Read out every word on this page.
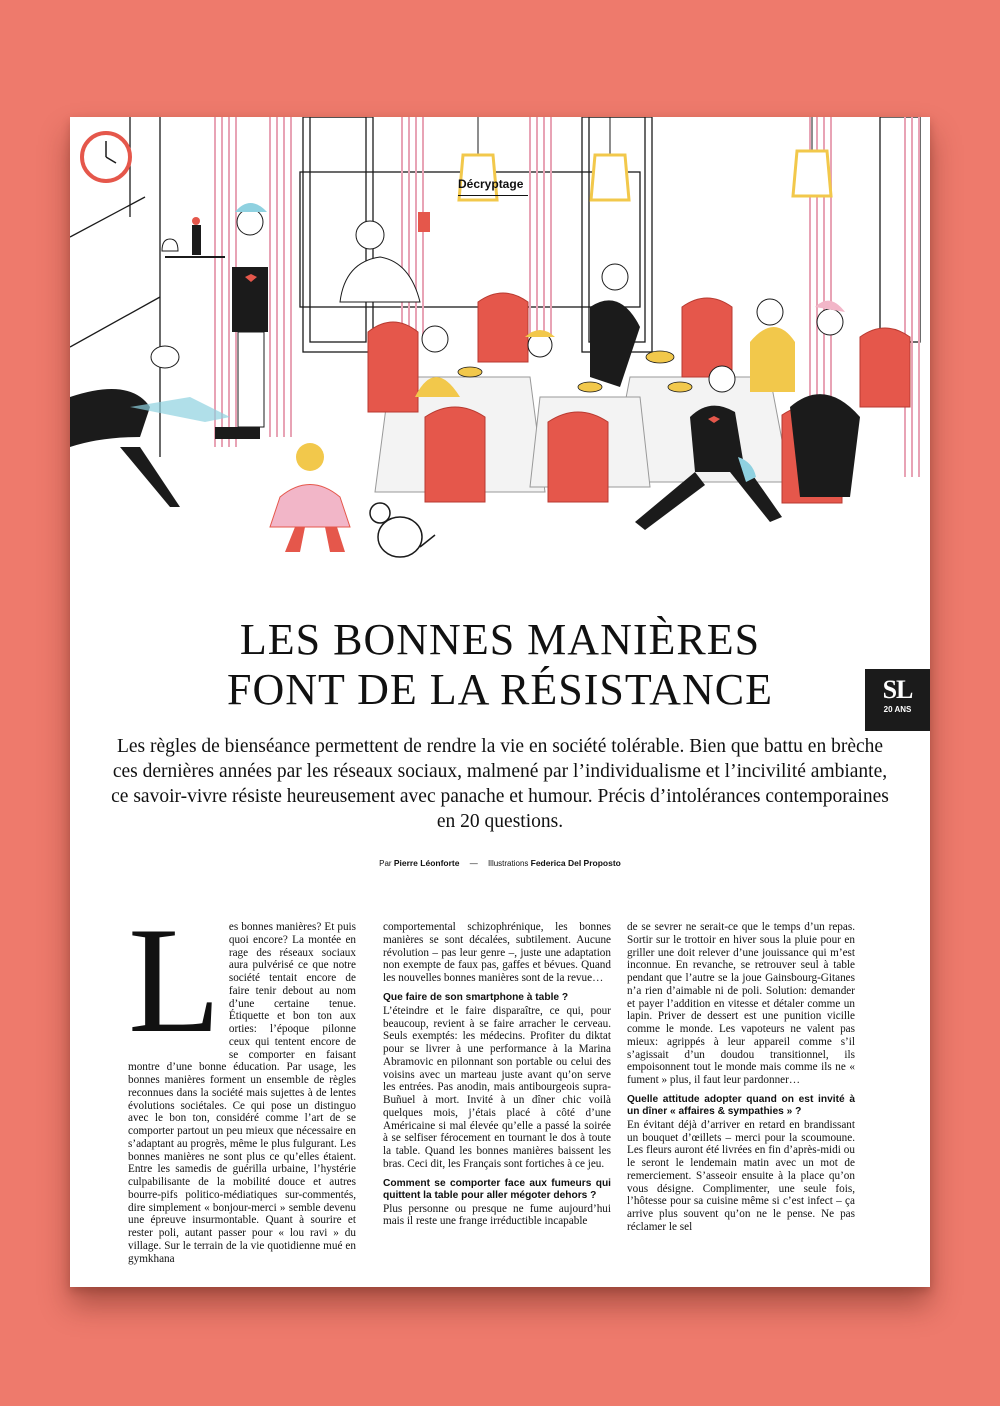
Décryptage
LES BONNES MANIÈRES
FONT DE LA RÉSISTANCE	SL
20 ANS

Les règles de bienséance permettent de rendre la vie en société tolérable. Bien que battu en brèche ces dernières années par les réseaux sociaux, malmené par l’individualisme et l’incivilité ambiante, ce savoir-vivre résiste heureusement avec panache et humour. Précis d’intolérances contemporaines en 20 questions.

Par Pierre Léonforte — Illustrations Federica Del Proposto
L es bonnes manières? Et puis quoi encore? La montée en rage des réseaux sociaux aura pulvérisé ce que notre société tentait encore de faire tenir debout au nom d’une certaine tenue. Étiquette et bon ton aux orties: l’époque pilonne ceux qui tentent encore de se comporter en faisant montre d’une bonne éducation. Par usage, les bonnes manières forment un ensemble de règles reconnues dans la société mais sujettes à de lentes évolutions sociétales. Ce qui pose un distinguo avec le bon ton, considéré comme l’art de se comporter partout un peu mieux que nécessaire en s’adaptant au progrès, même le plus fulgurant. Les bonnes manières ne sont plus ce qu’elles étaient. Entre les samedis de guérilla urbaine, l’hystérie culpabilisante de la mobilité douce et autres bourre-pifs politico-médiatiques sur-commentés, dire simplement « bonjour-merci » semble devenu une épreuve insurmontable. Quant à sourire et rester poli, autant passer pour « lou ravi » du village. Sur le terrain de la vie quotidienne mué en gymkhana

comportemental schizophrénique, les bonnes manières se sont décalées, subtilement. Aucune révolution – pas leur genre –, juste une adaptation non exempte de faux pas, gaffes et bévues. Quand les nouvelles bonnes manières sont de la revue…

Que faire de son smartphone à table ?

L’éteindre et le faire disparaître, ce qui, pour beaucoup, revient à se faire arracher le cerveau. Seuls exemptés: les médecins. Profiter du diktat pour se livrer à une performance à la Marina Abramovic en pilonnant son portable ou celui des voisins avec un marteau juste avant qu’on serve les entrées. Pas anodin, mais antibourgeois supra-Buñuel à mort. Invité à un dîner chic voilà quelques mois, j’étais placé à côté d’une Américaine si mal élevée qu’elle a passé la soirée à se selfiser férocement en tournant le dos à toute la table. Quand les bonnes manières baissent les bras. Ceci dit, les Français sont fortiches à ce jeu.

Comment se comporter face aux fumeurs qui quittent la table pour aller mégoter dehors ?

Plus personne ou presque ne fume aujourd’hui mais il reste une frange irréductible incapable

de se sevrer ne serait-ce que le temps d’un repas. Sortir sur le trottoir en hiver sous la pluie pour en griller une doit relever d’une jouissance qui m’est inconnue. En revanche, se retrouver seul à table pendant que l’autre se la joue Gainsbourg-Gitanes n’a rien d’aimable ni de poli. Solution: demander et payer l’addition en vitesse et détaler comme un lapin. Priver de dessert est une punition vicille comme le monde. Les vapoteurs ne valent pas mieux: agrippés à leur appareil comme s’il s’agissait d’un doudou transitionnel, ils empoisonnent tout le monde mais comme ils ne « fument » plus, il faut leur pardonner…

Quelle attitude adopter quand on est invité à un dîner « affaires & sympathies » ?

En évitant déjà d’arriver en retard en brandissant un bouquet d’œillets – merci pour la scoumoune. Les fleurs auront été livrées en fin d’après-midi ou le seront le lendemain matin avec un mot de remerciement. S’asseoir ensuite à la place qu’on vous désigne. Complimenter, une seule fois, l’hôtesse pour sa cuisine même si c’est infect – ça arrive plus souvent qu’on ne le pense. Ne pas réclamer le sel
